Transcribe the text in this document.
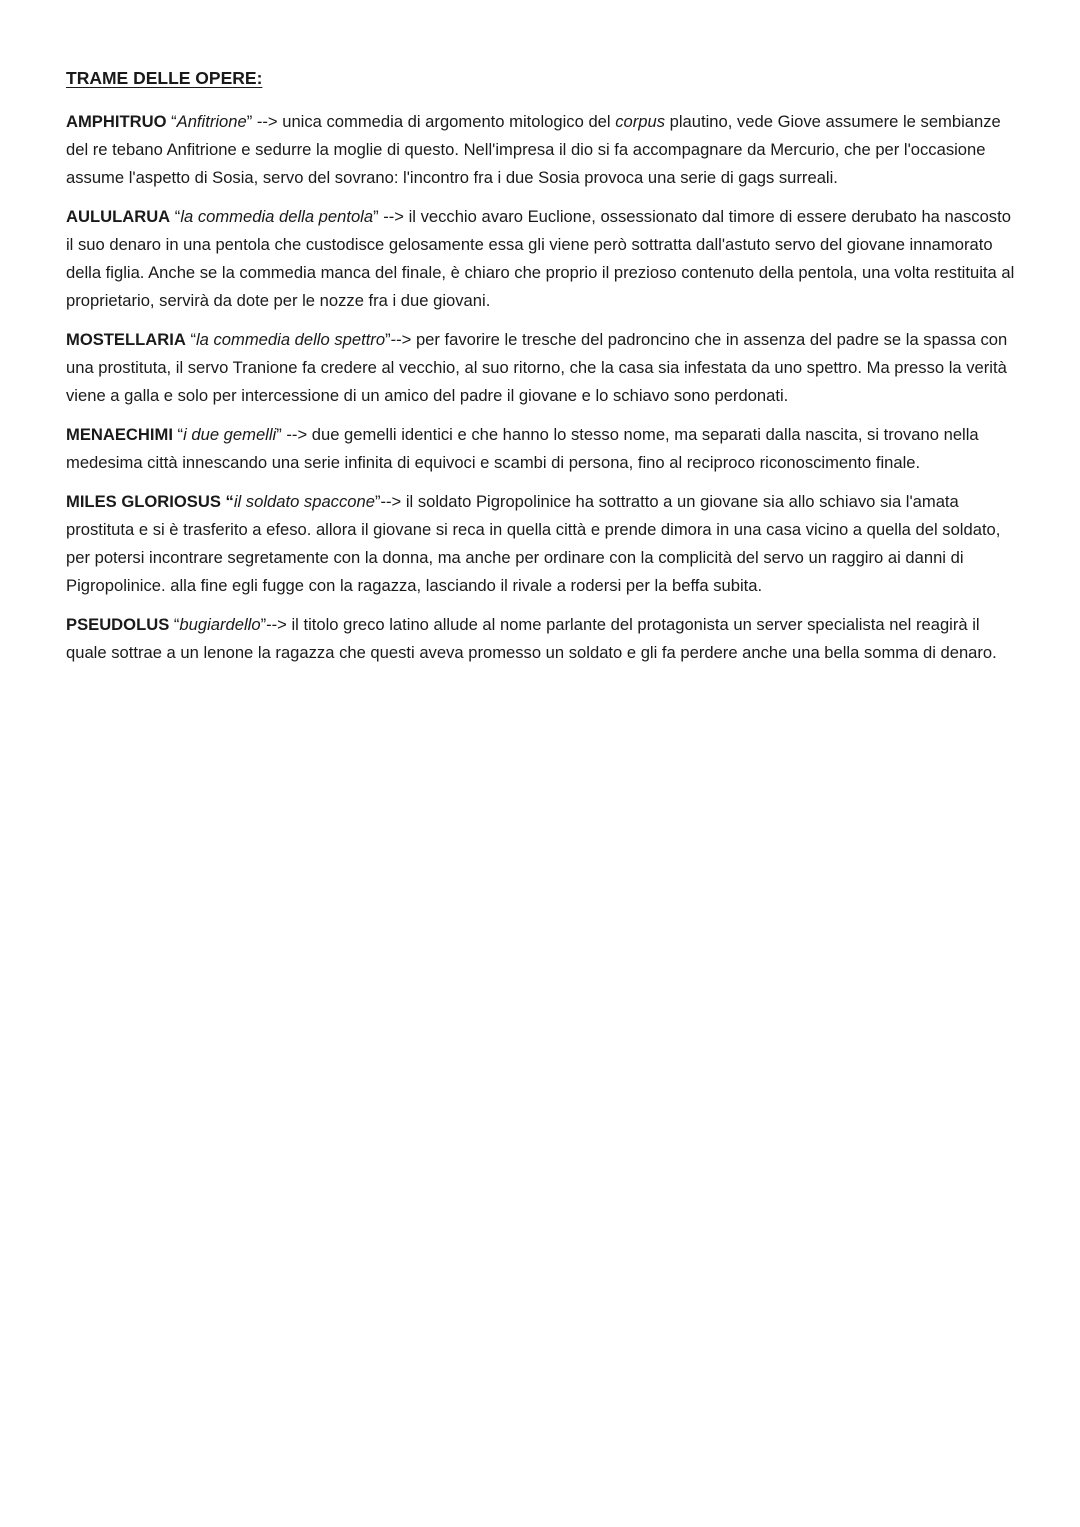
TRAME DELLE OPERE:

AMPHITRUO “Anfitrione” --> unica commedia di argomento mitologico del corpus plautino, vede Giove assumere le sembianze del re tebano Anfitrione e sedurre la moglie di questo. Nell'impresa il dio si fa accompagnare da Mercurio, che per l'occasione assume l'aspetto di Sosia, servo del sovrano: l'incontro fra i due Sosia provoca una serie di gags surreali.

AULULARUA “la commedia della pentola” --> il vecchio avaro Euclione, ossessionato dal timore di essere derubato ha nascosto il suo denaro in una pentola che custodisce gelosamente essa gli viene però sottratta dall'astuto servo del giovane innamorato della figlia. Anche se la commedia manca del finale, è chiaro che proprio il prezioso contenuto della pentola, una volta restituita al proprietario, servirà da dote per le nozze fra i due giovani.

MOSTELLARIA “la commedia dello spettro”--> per favorire le tresche del padroncino che in assenza del padre se la spassa con una prostituta, il servo Tranione fa credere al vecchio, al suo ritorno, che la casa sia infestata da uno spettro. Ma presso la verità viene a galla e solo per intercessione di un amico del padre il giovane e lo schiavo sono perdonati.

MENAECHIMI “i due gemelli” --> due gemelli identici e che hanno lo stesso nome, ma separati dalla nascita, si trovano nella medesima città innescando una serie infinita di equivoci e scambi di persona, fino al reciproco riconoscimento finale.

MILES GLORIOSUS “il soldato spaccone”--> il soldato Pigropolinice ha sottratto a un giovane sia allo schiavo sia l'amata prostituta e si è trasferito a efeso. allora il giovane si reca in quella città e prende dimora in una casa vicino a quella del soldato, per potersi incontrare segretamente con la donna, ma anche per ordinare con la complicità del servo un raggiro ai danni di Pigropolinice. alla fine egli fugge con la ragazza, lasciando il rivale a rodersi per la beffa subita.

PSEUDOLUS “bugiardello”--> il titolo greco latino allude al nome parlante del protagonista un server specialista nel reagirà il quale sottrae a un lenone la ragazza che questi aveva promesso un soldato e gli fa perdere anche una bella somma di denaro.
